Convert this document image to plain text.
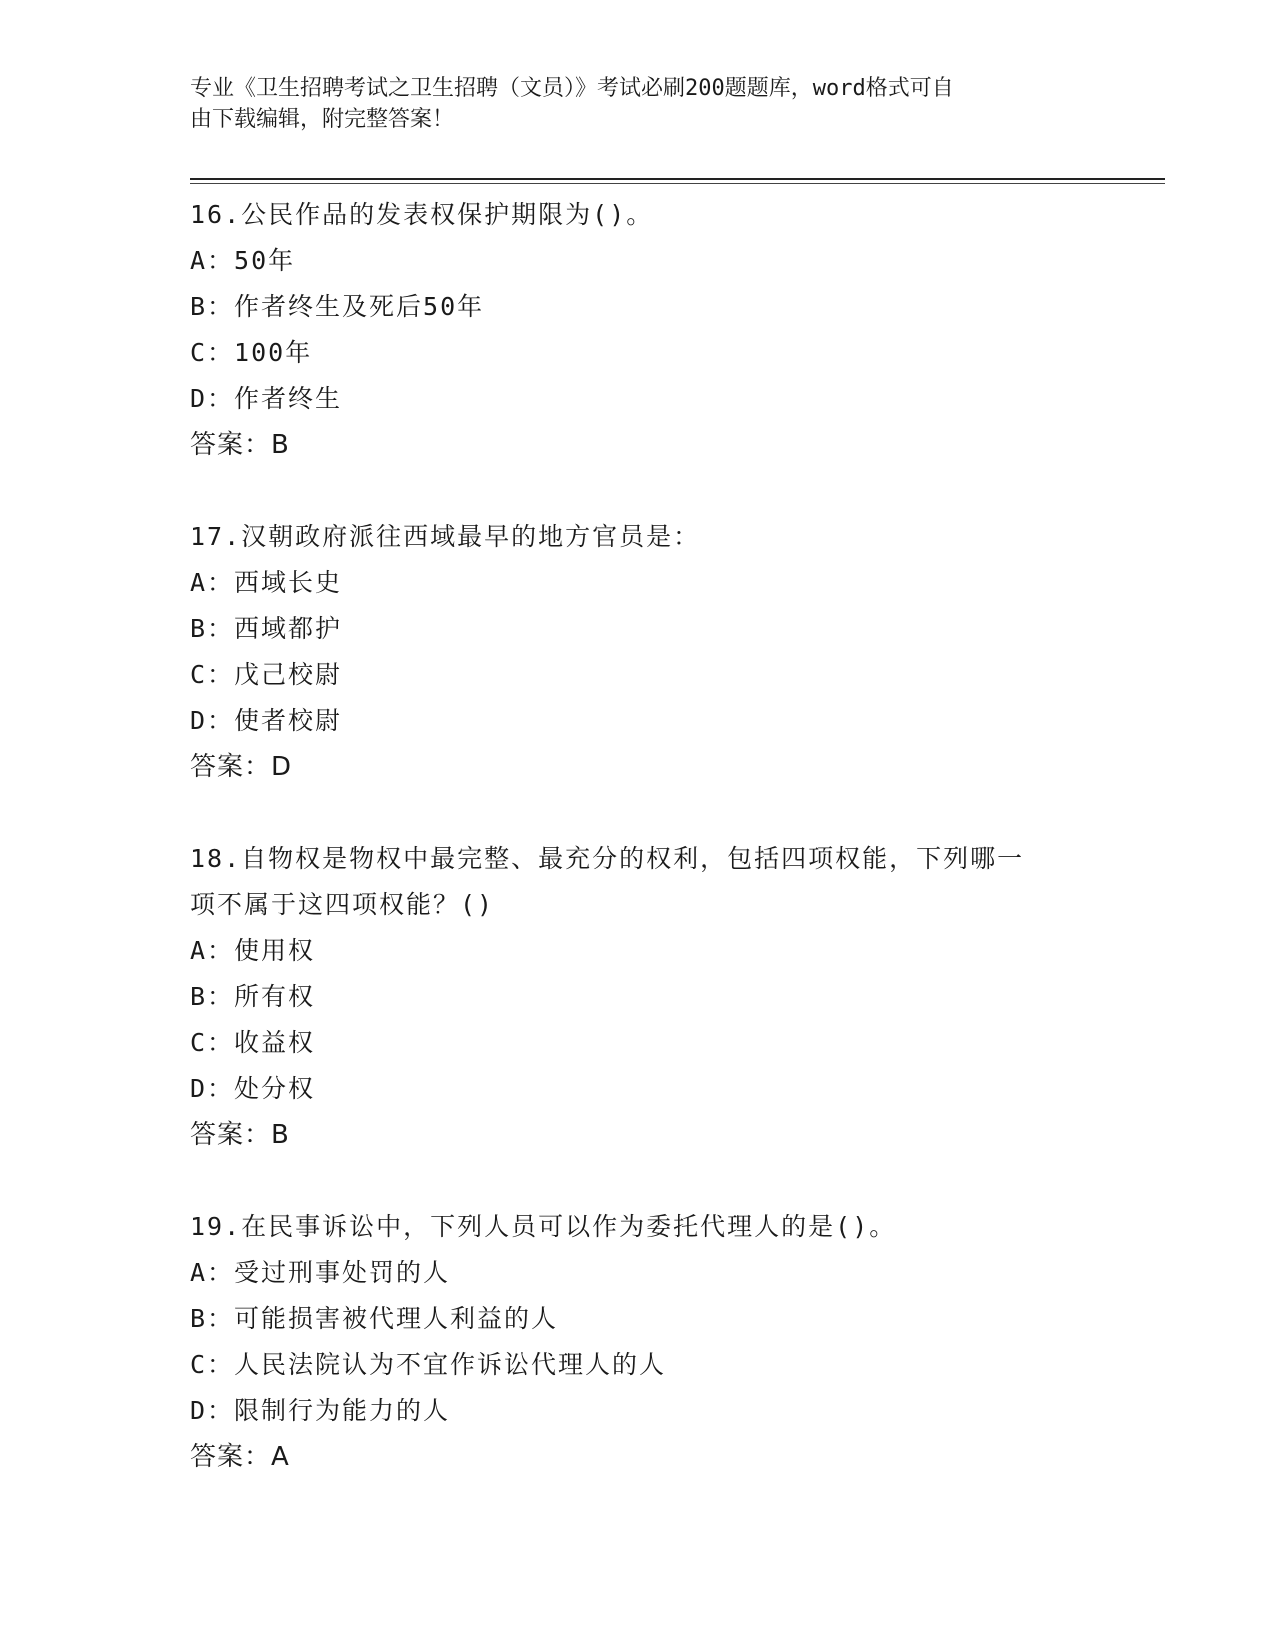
专业《卫生招聘考试之卫生招聘（文员）》考试必刷200题题库，word格式可自

由下载编辑，附完整答案！

16.公民作品的发表权保护期限为()。
A：50年
B：作者终生及死后50年
C：100年
D：作者终生
答案：B
17.汉朝政府派往西域最早的地方官员是：
A：西域长史
B：西域都护
C：戊己校尉
D：使者校尉
答案：D
18.自物权是物权中最完整、最充分的权利，包括四项权能，下列哪一
项不属于这四项权能？()
A：使用权
B：所有权
C：收益权
D：处分权
答案：B
19.在民事诉讼中，下列人员可以作为委托代理人的是()。
A：受过刑事处罚的人
B：可能损害被代理人利益的人
C：人民法院认为不宜作诉讼代理人的人
D：限制行为能力的人
答案：A
